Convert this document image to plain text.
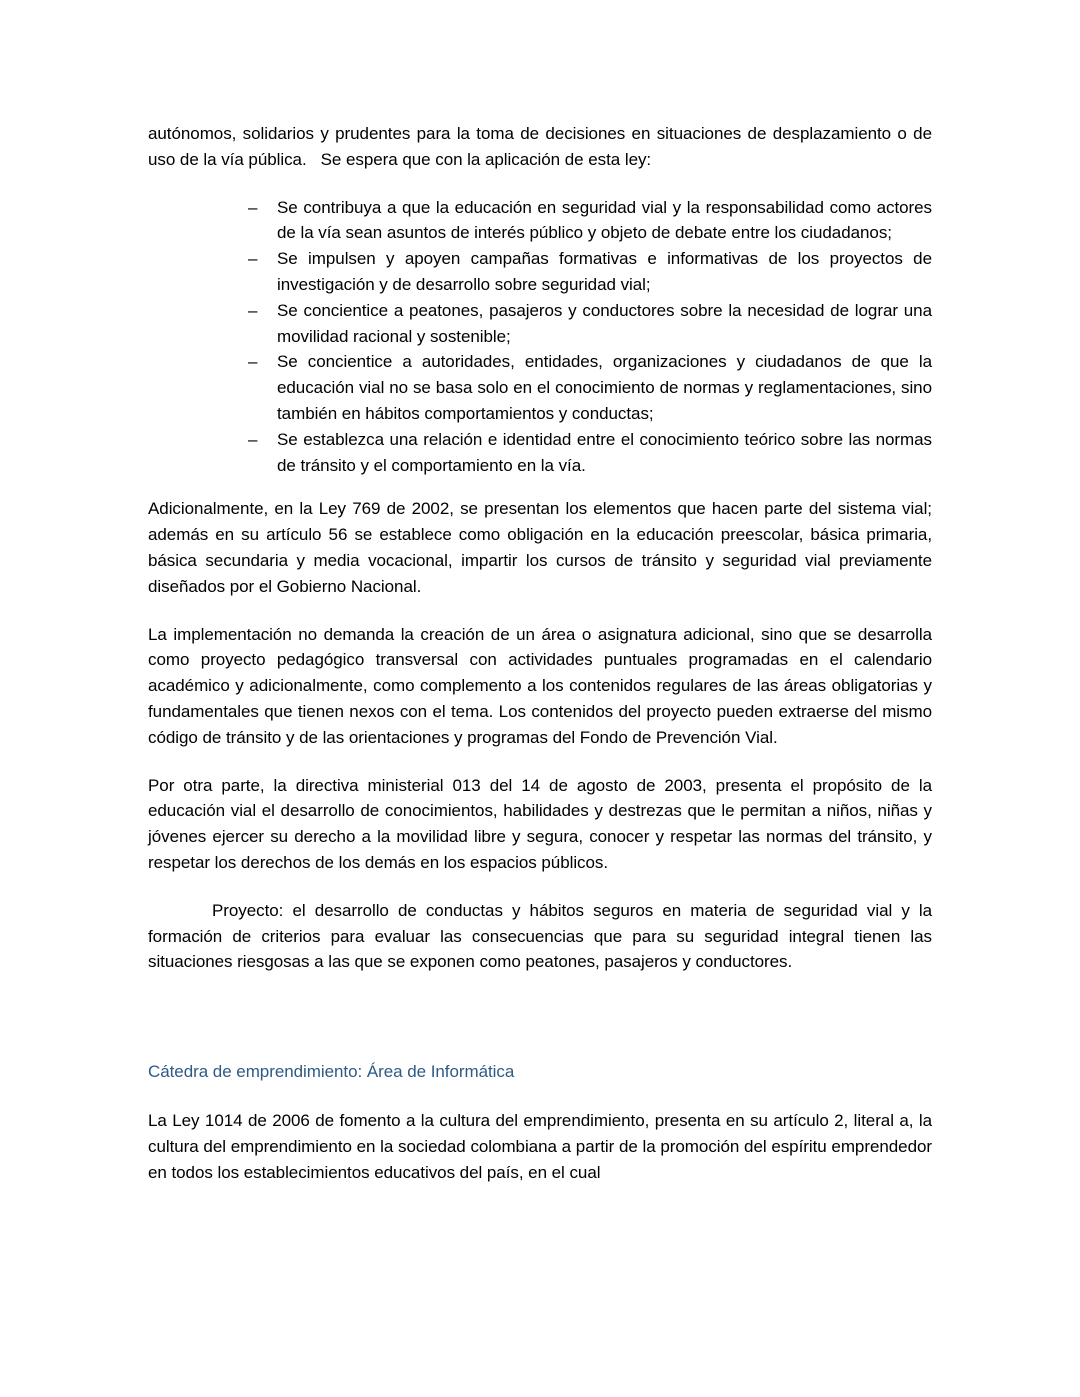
autónomos, solidarios y prudentes para la toma de decisiones en situaciones de desplazamiento o de uso de la vía pública.   Se espera que con la aplicación de esta ley:

– Se contribuya a que la educación en seguridad vial y la responsabilidad como actores de la vía sean asuntos de interés público y objeto de debate entre los ciudadanos;
– Se impulsen y apoyen campañas formativas e informativas de los proyectos de investigación y de desarrollo sobre seguridad vial;
– Se concientice a peatones, pasajeros y conductores sobre la necesidad de lograr una movilidad racional y sostenible;
– Se concientice a autoridades, entidades, organizaciones y ciudadanos de que la educación vial no se basa solo en el conocimiento de normas y reglamentaciones, sino también en hábitos comportamientos y conductas;
– Se establezca una relación e identidad entre el conocimiento teórico sobre las normas de tránsito y el comportamiento en la vía.

Adicionalmente, en la Ley 769 de 2002, se presentan los elementos que hacen parte del sistema vial; además en su artículo 56 se establece como obligación en la educación preescolar, básica primaria, básica secundaria y media vocacional, impartir los cursos de tránsito y seguridad vial previamente diseñados por el Gobierno Nacional.

La implementación no demanda la creación de un área o asignatura adicional, sino que se desarrolla como proyecto pedagógico transversal con actividades puntuales programadas en el calendario académico y adicionalmente, como complemento a los contenidos regulares de las áreas obligatorias y fundamentales que tienen nexos con el tema. Los contenidos del proyecto pueden extraerse del mismo código de tránsito y de las orientaciones y programas del Fondo de Prevención Vial.

Por otra parte, la directiva ministerial 013 del 14 de agosto de 2003, presenta el propósito de la educación vial el desarrollo de conocimientos, habilidades y destrezas que le permitan a niños, niñas y jóvenes ejercer su derecho a la movilidad libre y segura, conocer y respetar las normas del tránsito, y respetar los derechos de los demás en los espacios públicos.

Proyecto: el desarrollo de conductas y hábitos seguros en materia de seguridad vial y la formación de criterios para evaluar las consecuencias que para su seguridad integral tienen las situaciones riesgosas a las que se exponen como peatones, pasajeros y conductores.

Cátedra de emprendimiento: Área de Informática

La Ley 1014 de 2006 de fomento a la cultura del emprendimiento, presenta en su artículo 2, literal a, la cultura del emprendimiento en la sociedad colombiana a partir de la promoción del espíritu emprendedor en todos los establecimientos educativos del país, en el cual
